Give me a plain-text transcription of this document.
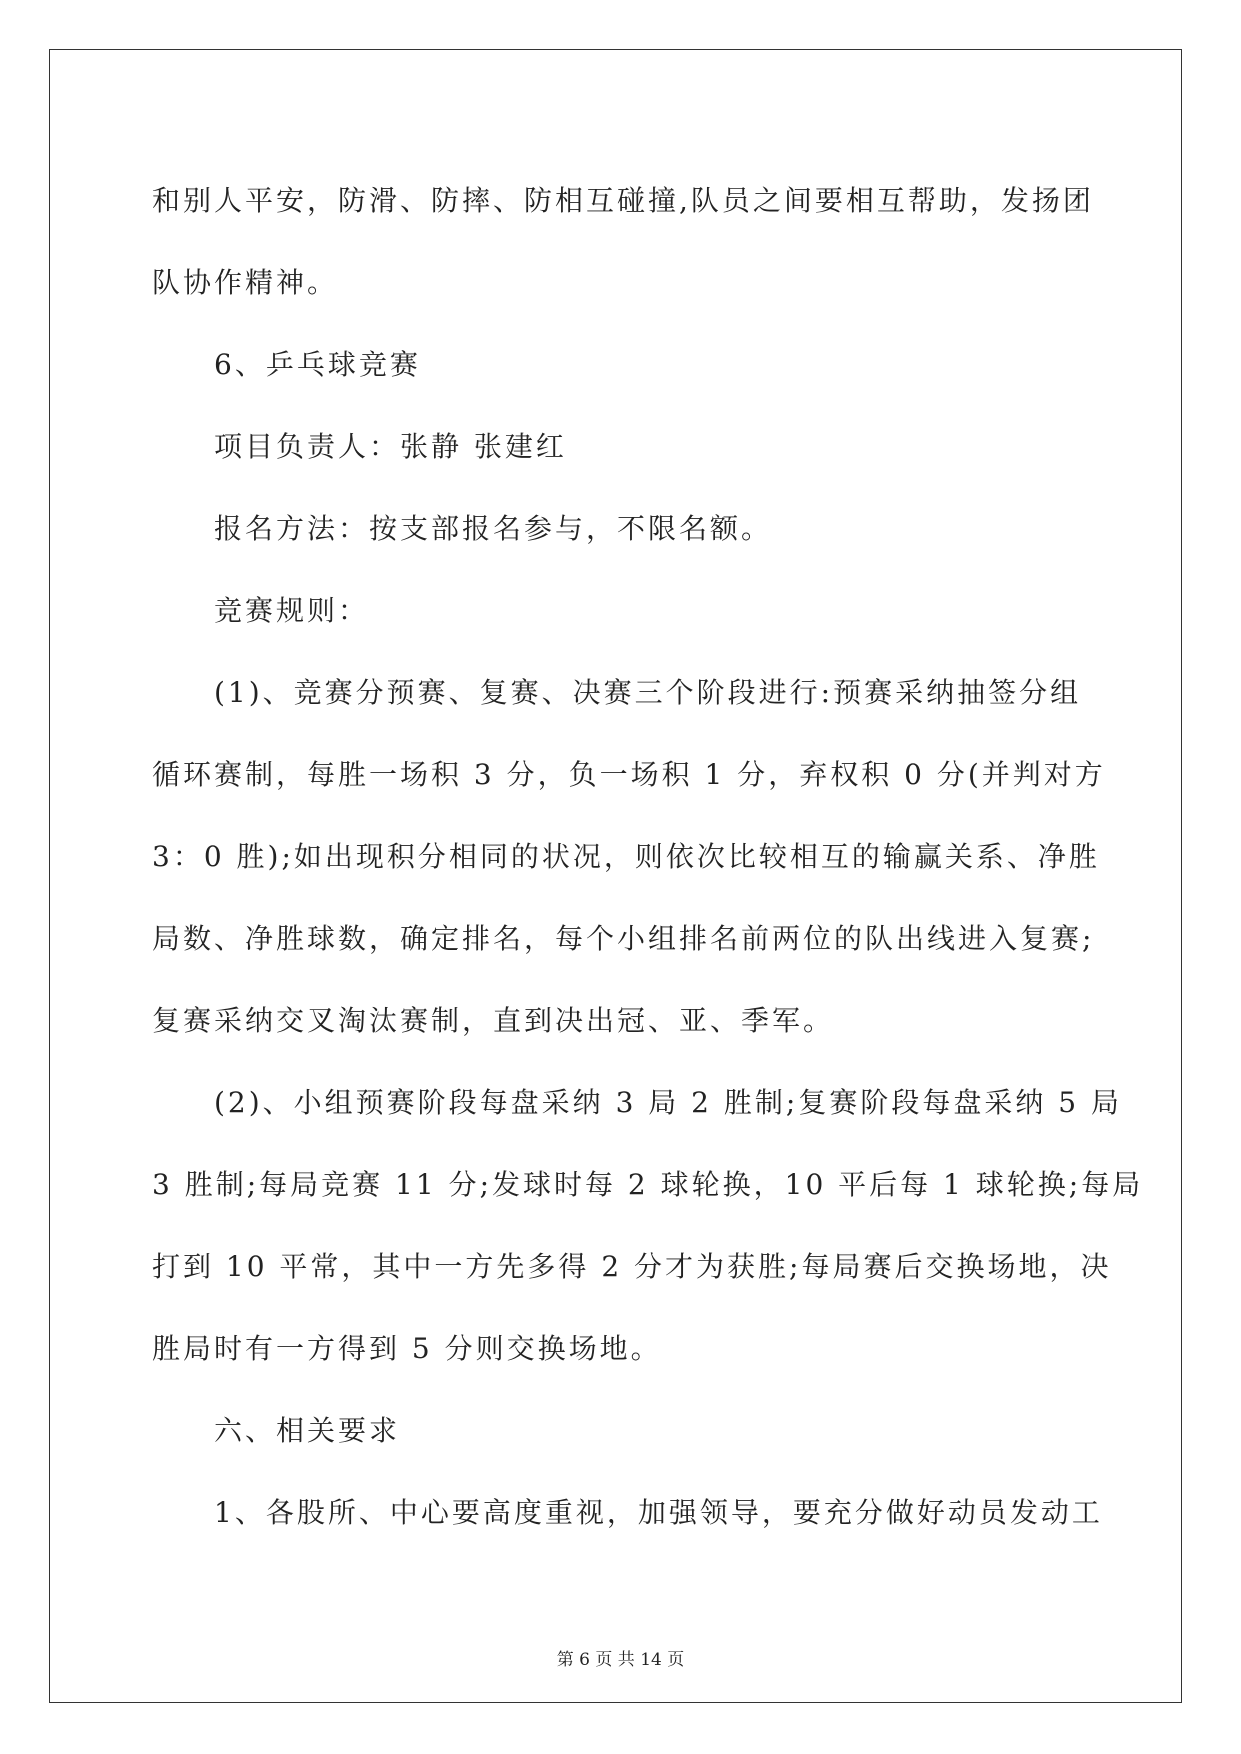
和别人平安，防滑、防摔、防相互碰撞,队员之间要相互帮助，发扬团

队协作精神。

6、乒乓球竞赛

项目负责人：张静 张建红

报名方法：按支部报名参与，不限名额。

竞赛规则：

(1)、竞赛分预赛、复赛、决赛三个阶段进行:预赛采纳抽签分组

循环赛制，每胜一场积 3 分，负一场积 1 分，弃权积 0 分(并判对方

3：0 胜);如出现积分相同的状况，则依次比较相互的输赢关系、净胜

局数、净胜球数，确定排名，每个小组排名前两位的队出线进入复赛;

复赛采纳交叉淘汰赛制，直到决出冠、亚、季军。

(2)、小组预赛阶段每盘采纳 3 局 2 胜制;复赛阶段每盘采纳 5 局

3 胜制;每局竞赛 11 分;发球时每 2 球轮换，10 平后每 1 球轮换;每局

打到 10 平常，其中一方先多得 2 分才为获胜;每局赛后交换场地，决

胜局时有一方得到 5 分则交换场地。

六、相关要求

1、各股所、中心要高度重视，加强领导，要充分做好动员发动工

第 6 页 共 14 页
